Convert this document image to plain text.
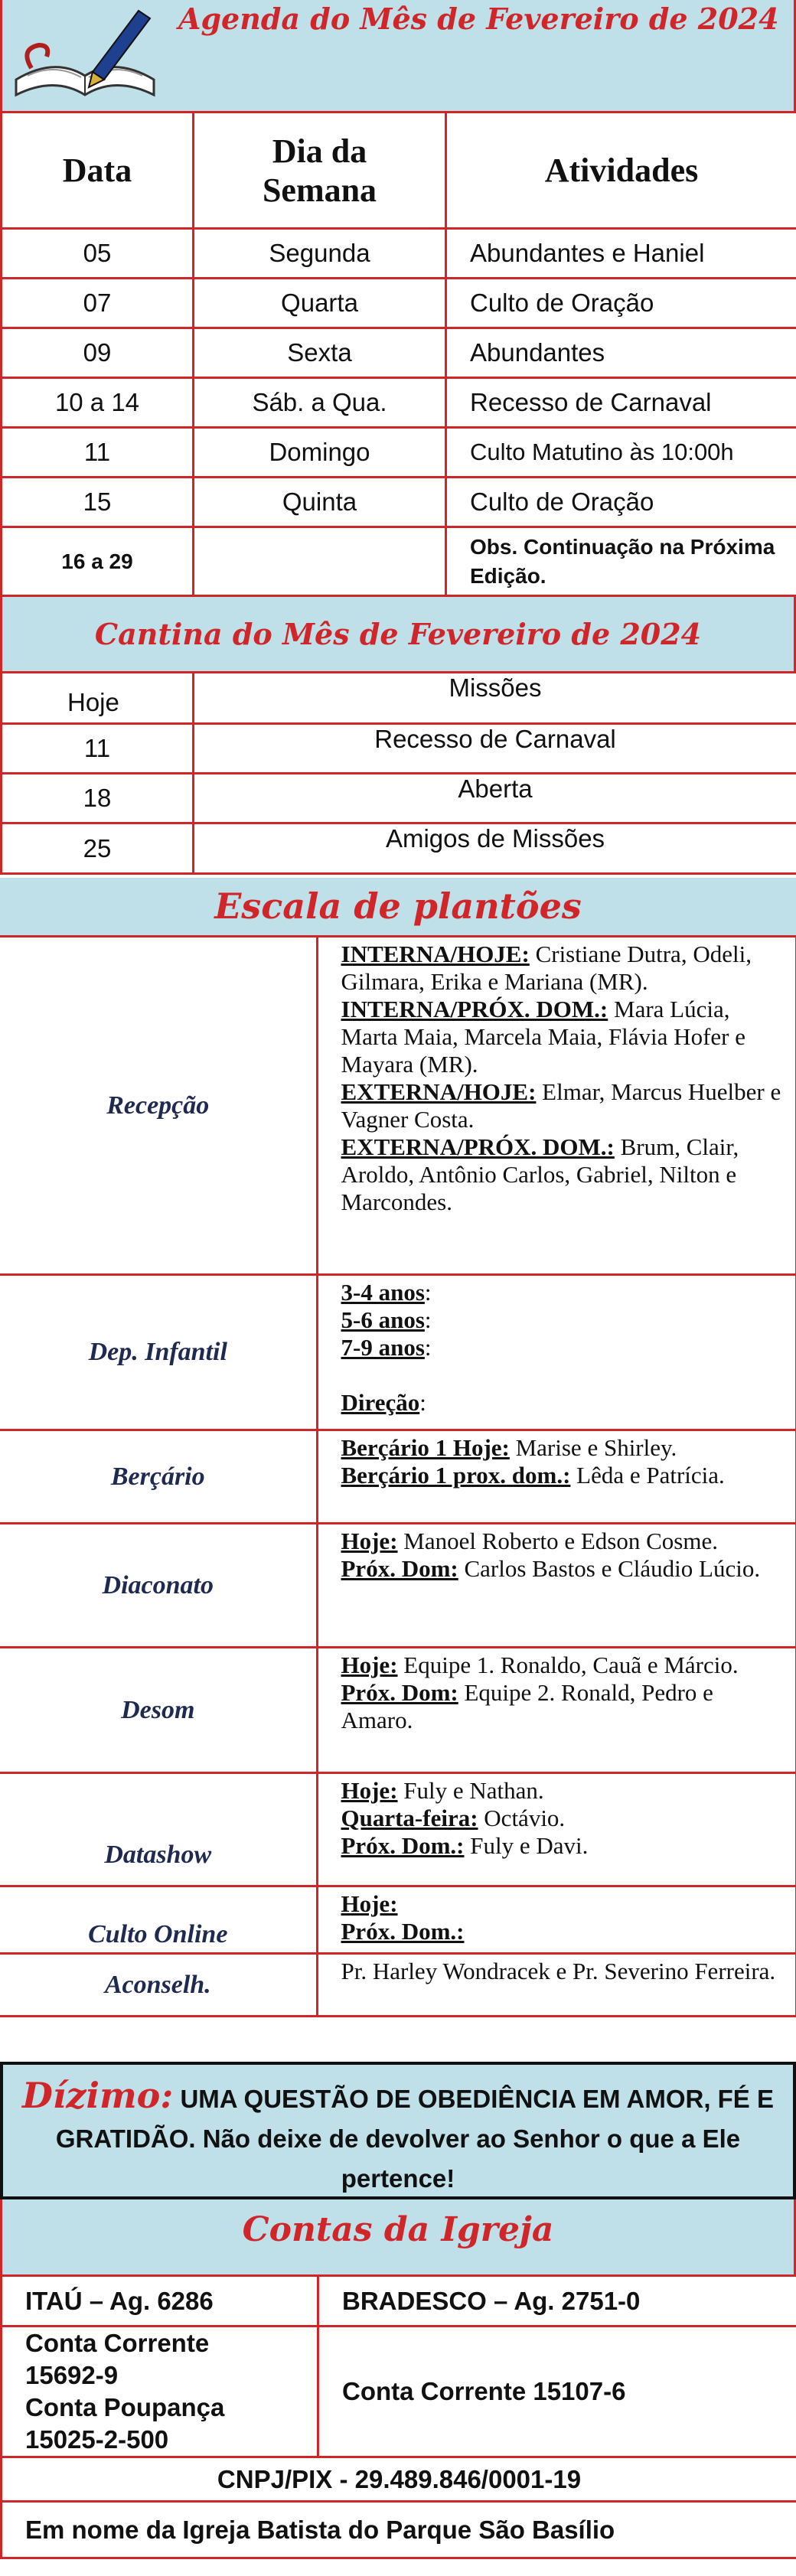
Agenda do Mês de Fevereiro de 2024
Data	Dia da Semana	Atividades
05	Segunda	Abundantes e Haniel
07	Quarta	Culto de Oração
09	Sexta	Abundantes
10 a 14	Sáb. a Qua.	Recesso de Carnaval
11	Domingo	Culto Matutino às 10:00h
15	Quinta	Culto de Oração
16 a 29		Obs. Continuação na Próxima Edição.
Cantina do Mês de Fevereiro de 2024
Hoje	Missões
11	Recesso de Carnaval
18	Aberta
25	Amigos de Missões
Escala de plantões
Recepção	INTERNA/HOJE: Cristiane Dutra, Odeli, Gilmara, Erika e Mariana (MR).
INTERNA/PRÓX. DOM.: Mara Lúcia, Marta Maia, Marcela Maia, Flávia Hofer e Mayara (MR).
EXTERNA/HOJE: Elmar, Marcus Huelber e Vagner Costa.
EXTERNA/PRÓX. DOM.: Brum, Clair, Aroldo, Antônio Carlos, Gabriel, Nilton e Marcondes.

Dep. Infantil	3-4 anos:
5-6 anos:
7-9 anos:
Direção:

Berçário	Berçário 1 Hoje: Marise e Shirley.
Berçário 1 prox. dom.: Lêda e Patrícia.

Diaconato	Hoje: Manoel Roberto e Edson Cosme.
Próx. Dom: Carlos Bastos e Cláudio Lúcio.

Desom	Hoje: Equipe 1. Ronaldo, Cauã e Márcio.
Próx. Dom: Equipe 2. Ronald, Pedro e Amaro.

Datashow	Hoje: Fuly e Nathan.
Quarta-feira: Octávio.
Próx. Dom.: Fuly e Davi.

Culto Online	Hoje:
Próx. Dom.:

Aconselh.	Pr. Harley Wondracek e Pr. Severino Ferreira.
Dízimo: UMA QUESTÃO DE OBEDIÊNCIA EM AMOR, FÉ E GRATIDÃO. Não deixe de devolver ao Senhor o que a Ele pertence!
Contas da Igreja
ITAÚ – Ag. 6286	BRADESCO – Ag. 2751-0

Conta Corrente
15692-9
Conta Poupança
15025-2-500	Conta Corrente 15107-6
CNPJ/PIX - 29.489.846/0001-19	
Em nome da Igreja Batista do Parque São Basílio	
